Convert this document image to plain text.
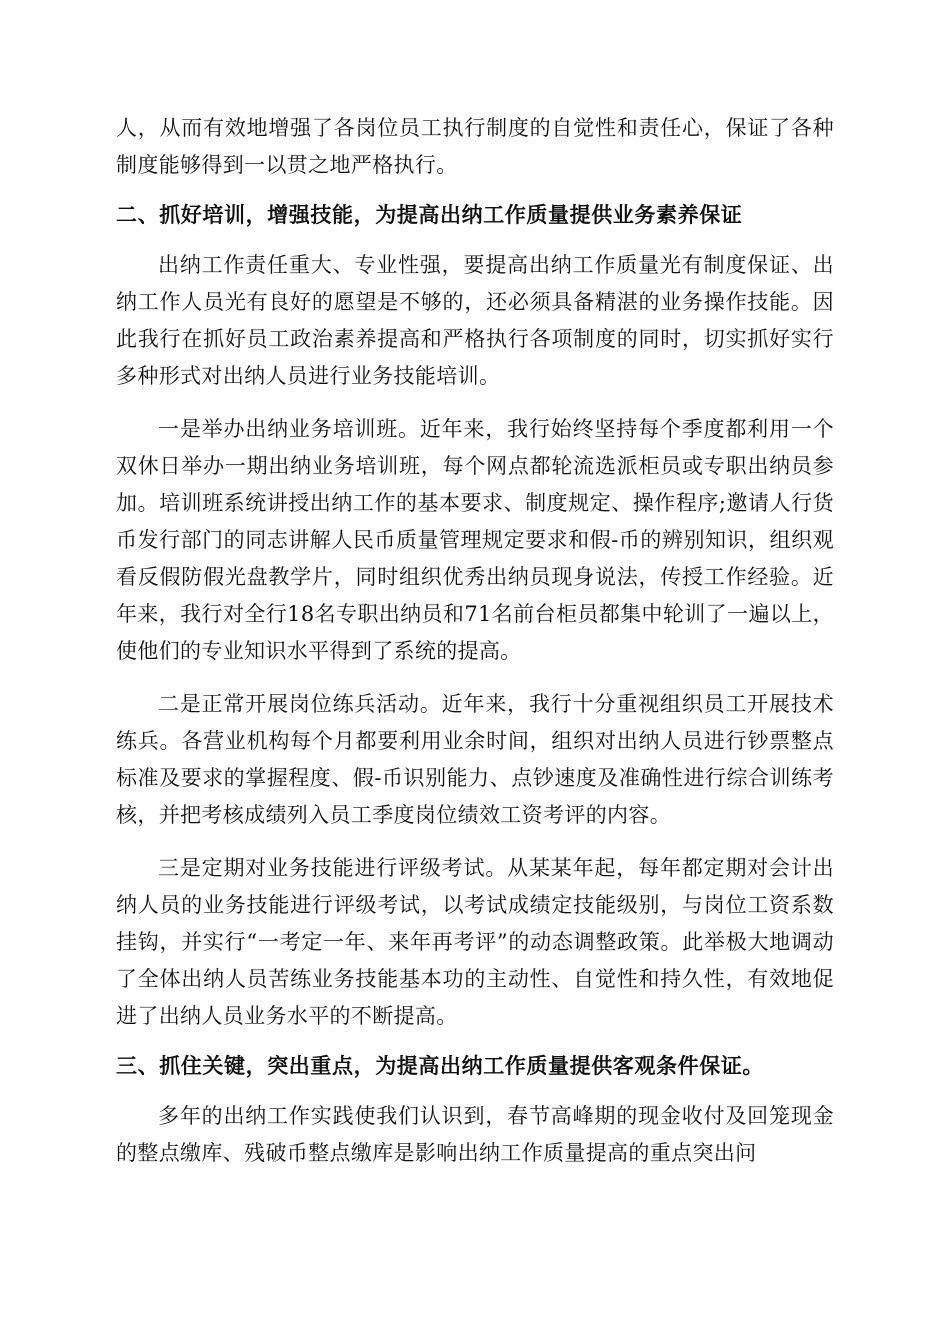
人，从而有效地增强了各岗位员工执行制度的自觉性和责任心，保证了各种制度能够得到一以贯之地严格执行。

二、抓好培训，增强技能，为提高出纳工作质量提供业务素养保证

出纳工作责任重大、专业性强，要提高出纳工作质量光有制度保证、出纳工作人员光有良好的愿望是不够的，还必须具备精湛的业务操作技能。因此我行在抓好员工政治素养提高和严格执行各项制度的同时，切实抓好实行多种形式对出纳人员进行业务技能培训。

一是举办出纳业务培训班。近年来，我行始终坚持每个季度都利用一个双休日举办一期出纳业务培训班，每个网点都轮流选派柜员或专职出纳员参加。培训班系统讲授出纳工作的基本要求、制度规定、操作程序;邀请人行货币发行部门的同志讲解人民币质量管理规定要求和假-币的辨别知识，组织观看反假防假光盘教学片，同时组织优秀出纳员现身说法，传授工作经验。近年来，我行对全行18名专职出纳员和71名前台柜员都集中轮训了一遍以上，使他们的专业知识水平得到了系统的提高。

二是正常开展岗位练兵活动。近年来，我行十分重视组织员工开展技术练兵。各营业机构每个月都要利用业余时间，组织对出纳人员进行钞票整点标准及要求的掌握程度、假-币识别能力、点钞速度及准确性进行综合训练考核，并把考核成绩列入员工季度岗位绩效工资考评的内容。

三是定期对业务技能进行评级考试。从某某年起，每年都定期对会计出纳人员的业务技能进行评级考试，以考试成绩定技能级别，与岗位工资系数挂钩，并实行“一考定一年、来年再考评”的动态调整政策。此举极大地调动了全体出纳人员苦练业务技能基本功的主动性、自觉性和持久性，有效地促进了出纳人员业务水平的不断提高。

三、抓住关键，突出重点，为提高出纳工作质量提供客观条件保证。

多年的出纳工作实践使我们认识到，春节高峰期的现金收付及回笼现金的整点缴库、残破币整点缴库是影响出纳工作质量提高的重点突出问
